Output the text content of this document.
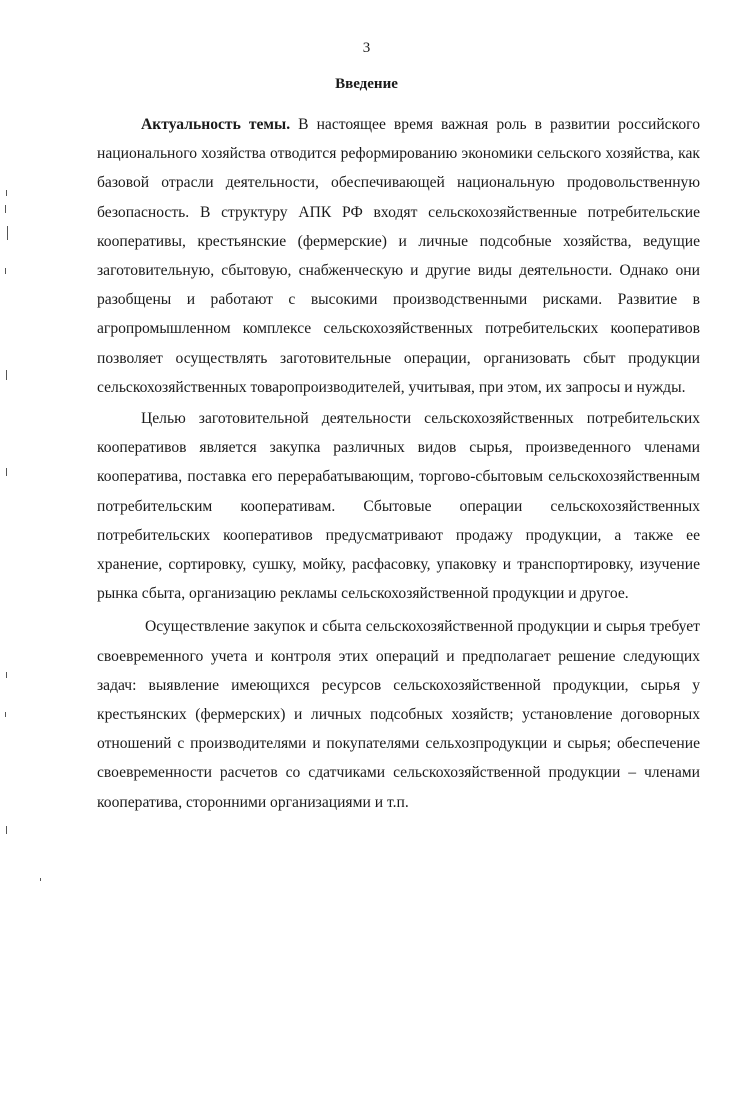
3
Введение

Актуальность темы. В настоящее время важная роль в развитии российского национального хозяйства отводится реформированию экономики сельского хозяйства, как базовой отрасли деятельности, обеспечивающей национальную продовольственную безопасность. В структуру АПК РФ входят сельскохозяйственные потребительские кооперативы, крестьянские (фермерские) и личные подсобные хозяйства, ведущие заготовительную, сбытовую, снабженческую и другие виды деятельности. Однако они разобщены и работают с высокими производственными рисками. Развитие в агропромышленном комплексе сельскохозяйственных потребительских кооперативов позволяет осуществлять заготовительные операции, организовать сбыт продукции сельскохозяйственных товаропроизводителей, учитывая, при этом, их запросы и нужды.

Целью заготовительной деятельности сельскохозяйственных потребительских кооперативов является закупка различных видов сырья, произведенного членами кооператива, поставка его перерабатывающим, торгово-сбытовым сельскохозяйственным потребительским кооперативам. Сбытовые операции сельскохозяйственных потребительских кооперативов предусматривают продажу продукции, а также ее хранение, сортировку, сушку, мойку, расфасовку, упаковку и транспортировку, изучение рынка сбыта, организацию рекламы сельскохозяйственной продукции и другое.

Осуществление закупок и сбыта сельскохозяйственной продукции и сырья требует своевременного учета и контроля этих операций и предполагает решение следующих задач: выявление имеющихся ресурсов сельскохозяйственной продукции, сырья у крестьянских (фермерских) и личных подсобных хозяйств; установление договорных отношений с производителями и покупателями сельхозпродукции и сырья; обеспечение своевременности расчетов со сдатчиками сельскохозяйственной продукции – членами кооператива, сторонними организациями и т.п.
